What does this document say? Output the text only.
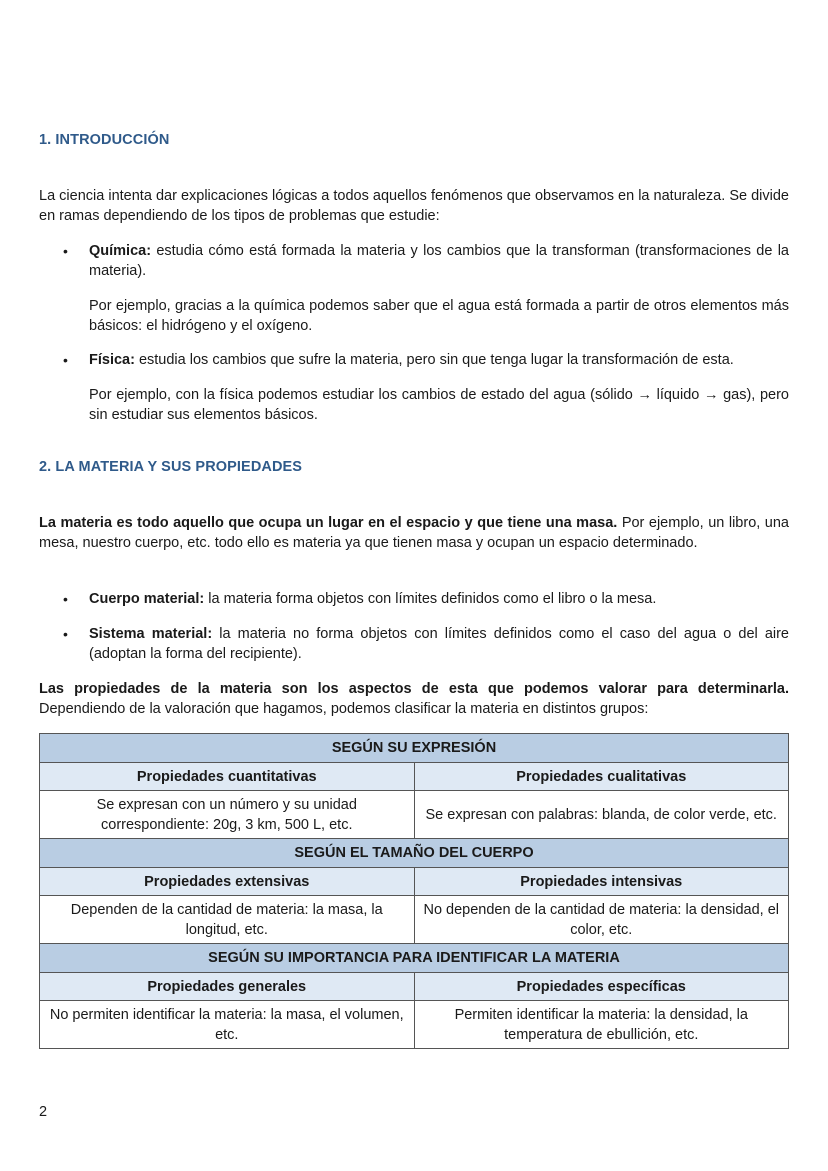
1. INTRODUCCIÓN

La ciencia intenta dar explicaciones lógicas a todos aquellos fenómenos que observamos en la naturaleza. Se divide en ramas dependiendo de los tipos de problemas que estudie:

• Química: estudia cómo está formada la materia y los cambios que la transforman (transformaciones de la materia).

Por ejemplo, gracias a la química podemos saber que el agua está formada a partir de otros elementos más básicos: el hidrógeno y el oxígeno.

• Física: estudia los cambios que sufre la materia, pero sin que tenga lugar la transformación de esta.

Por ejemplo, con la física podemos estudiar los cambios de estado del agua (sólido → líquido → gas), pero sin estudiar sus elementos básicos.

2. LA MATERIA Y SUS PROPIEDADES

La materia es todo aquello que ocupa un lugar en el espacio y que tiene una masa. Por ejemplo, un libro, una mesa, nuestro cuerpo, etc. todo ello es materia ya que tienen masa y ocupan un espacio determinado.

• Cuerpo material: la materia forma objetos con límites definidos como el libro o la mesa.

• Sistema material: la materia no forma objetos con límites definidos como el caso del agua o del aire (adoptan la forma del recipiente).

Las propiedades de la materia son los aspectos de esta que podemos valorar para determinarla. Dependiendo de la valoración que hagamos, podemos clasificar la materia en distintos grupos:

SEGÚN SU EXPRESIÓN	
Propiedades cuantitativas	Propiedades cualitativas
Se expresan con un número y su unidad correspondiente: 20g, 3 km, 500 L, etc.	Se expresan con palabras: blanda, de color verde, etc.
SEGÚN EL TAMAÑO DEL CUERPO	
Propiedades extensivas	Propiedades intensivas
Dependen de la cantidad de materia: la masa, la longitud, etc.	No dependen de la cantidad de materia: la densidad, el color, etc.
SEGÚN SU IMPORTANCIA PARA IDENTIFICAR LA MATERIA	
Propiedades generales	Propiedades específicas
No permiten identificar la materia: la masa, el volumen, etc.	Permiten identificar la materia: la densidad, la temperatura de ebullición, etc.

2
